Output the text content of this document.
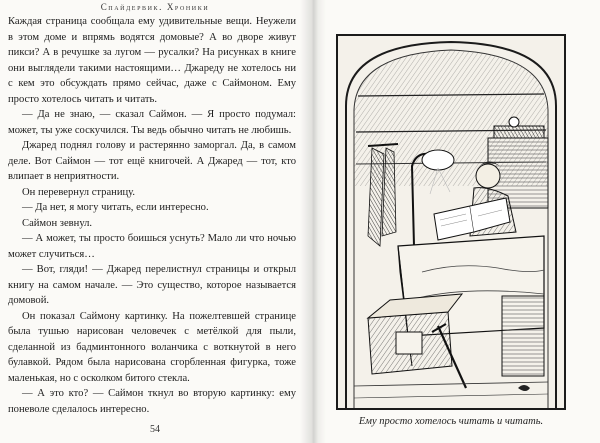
Спайдервик. Хроники

Каждая страница сообщала ему удивительные вещи. Неужели в этом доме и впрямь водятся домовые? А во дворе живут пикси? А в речушке за лугом — русалки? На рисунках в книге они выглядели такими настоящими… Джареду не хотелось ни с кем это обсуждать прямо сейчас, даже с Саймоном. Ему просто хотелось читать и читать.

— Да не знаю, — сказал Саймон. — Я просто подумал: может, ты уже соскучился. Ты ведь обычно читать не любишь.

Джаред поднял голову и растерянно заморгал. Да, в самом деле. Вот Саймон — тот ещё книгочей. А Джаред — тот, кто влипает в неприятности.

Он перевернул страницу.

— Да нет, я могу читать, если интересно.

Саймон зевнул.

— А может, ты просто боишься уснуть? Мало ли что ночью может случиться…

— Вот, гляди! — Джаред перелистнул страницы и открыл книгу на самом начале. — Это существо, которое называется домовой.

Он показал Саймону картинку. На пожелтевшей странице была тушью нарисован человечек с метёлкой для пыли, сделанной из бадминтонного воланчика с воткнутой в него булавкой. Рядом была нарисована сгорбленная фигурка, тоже маленькая, но с осколком битого стекла.

— А это кто? — Саймон ткнул во вторую картинку: ему поневоле сделалось интересно.

54
Ему просто хотелось читать и читать.
